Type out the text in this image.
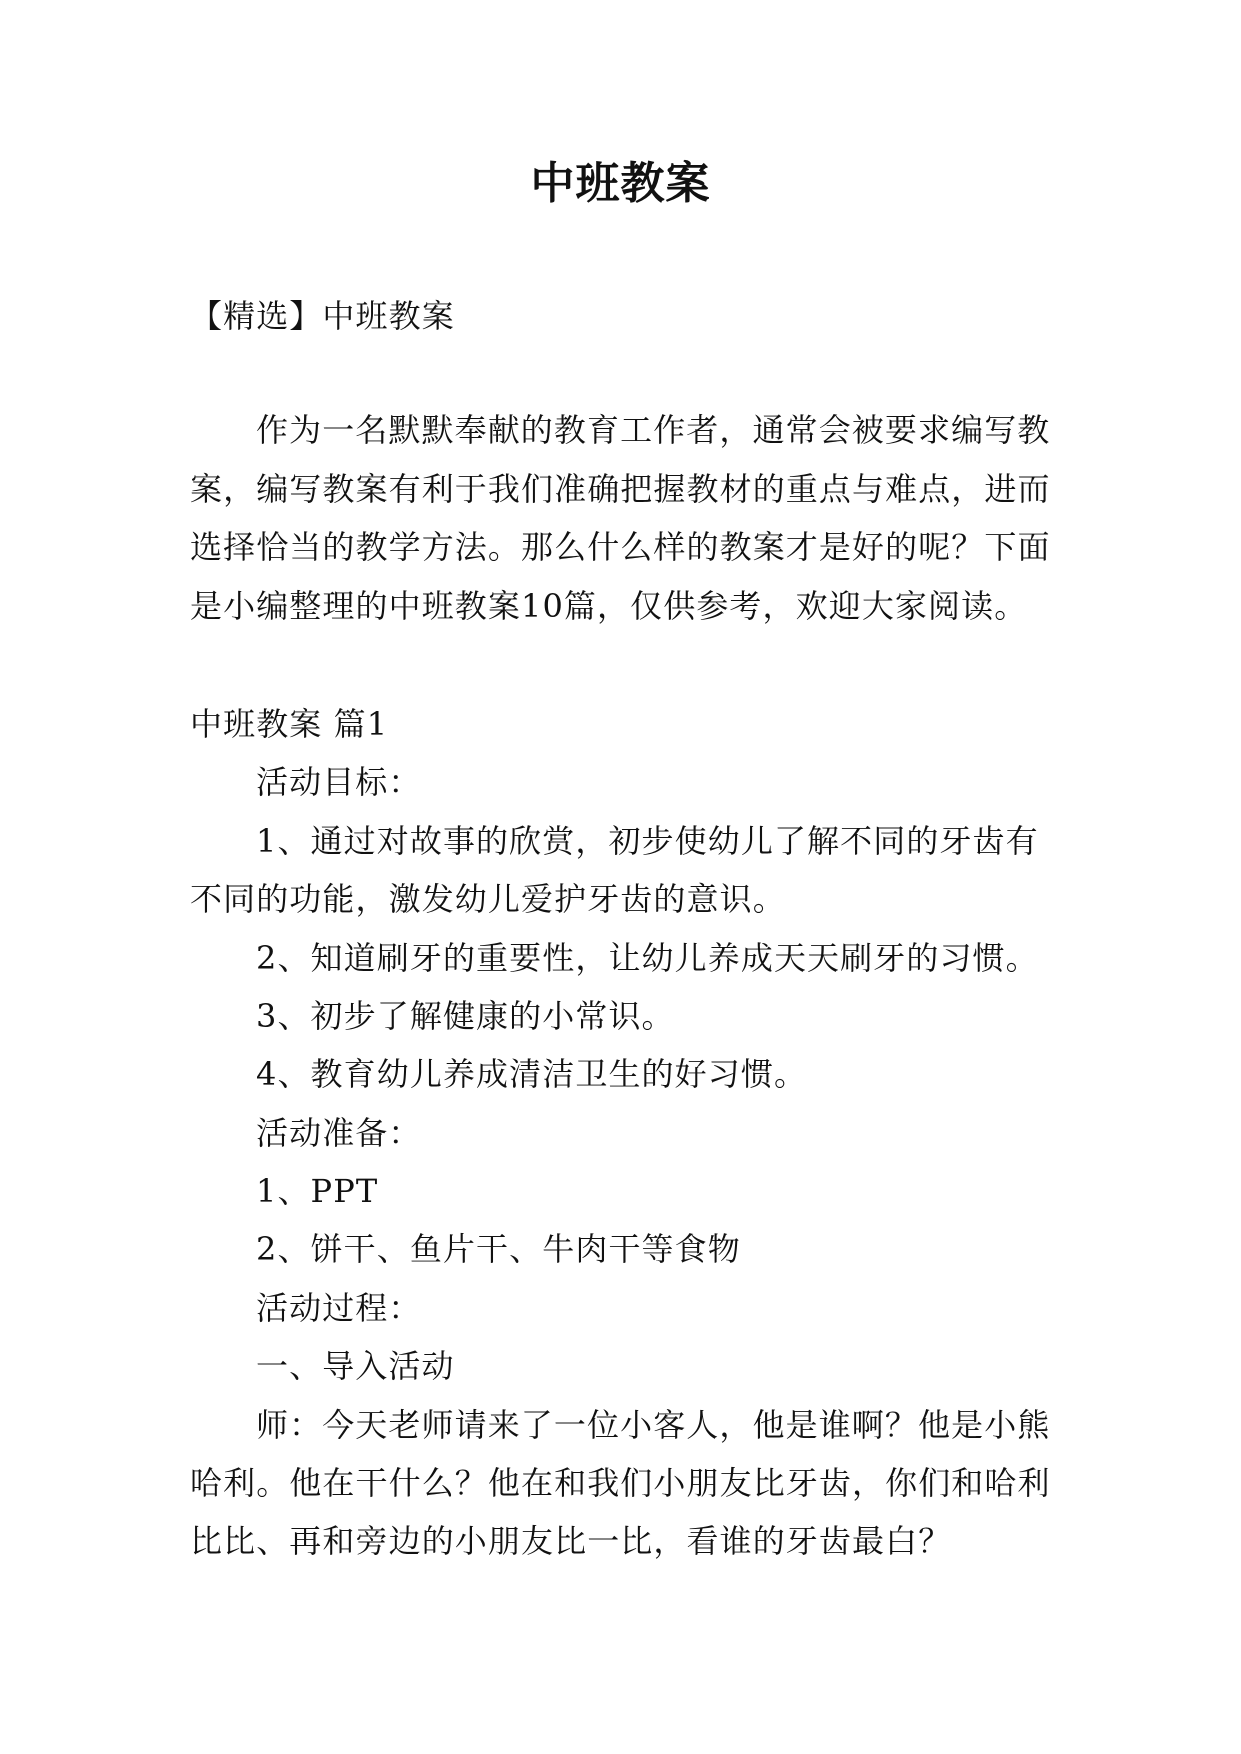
中班教案
【精选】中班教案
作为一名默默奉献的教育工作者，通常会被要求编写教
案，编写教案有利于我们准确把握教材的重点与难点，进而
选择恰当的教学方法。那么什么样的教案才是好的呢？下面
是小编整理的中班教案10篇，仅供参考，欢迎大家阅读。
中班教案 篇1
活动目标：
1、通过对故事的欣赏，初步使幼儿了解不同的牙齿有
不同的功能，激发幼儿爱护牙齿的意识。
2、知道刷牙的重要性，让幼儿养成天天刷牙的习惯。
3、初步了解健康的小常识。
4、教育幼儿养成清洁卫生的好习惯。
活动准备：
1、PPT
2、饼干、鱼片干、牛肉干等食物
活动过程：
一、导入活动
师：今天老师请来了一位小客人，他是谁啊？他是小熊
哈利。他在干什么？他在和我们小朋友比牙齿，你们和哈利
比比、再和旁边的小朋友比一比，看谁的牙齿最白？
